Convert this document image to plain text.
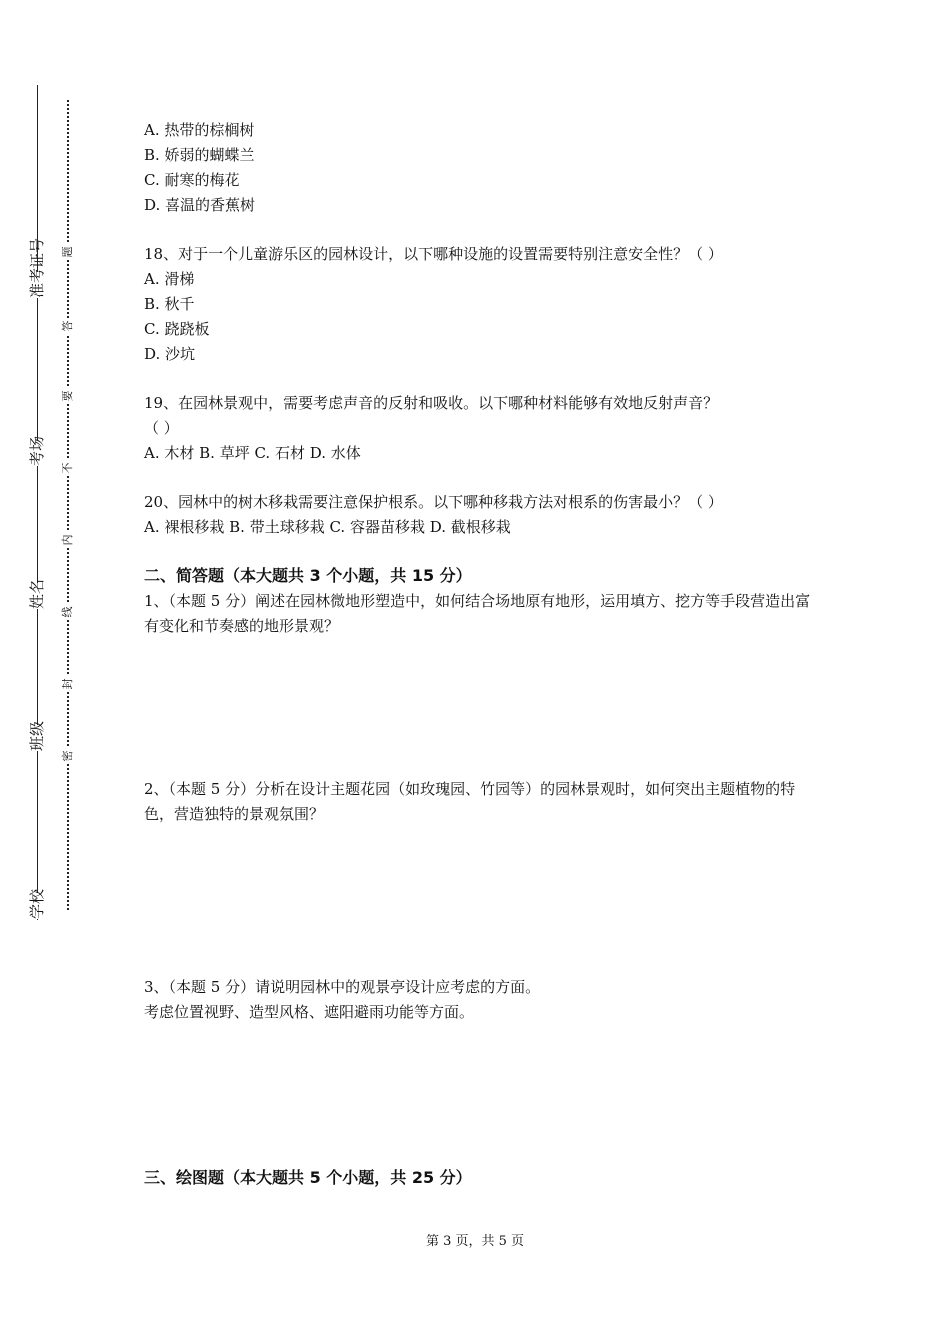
准考证号
考场
姓名
班级
学校
题
答
要
不
内
线
封
密
A. 热带的棕榈树
B. 娇弱的蝴蝶兰
C. 耐寒的梅花
D. 喜温的香蕉树
18、对于一个儿童游乐区的园林设计，以下哪种设施的设置需要特别注意安全性？（ ）
A. 滑梯
B. 秋千
C. 跷跷板
D. 沙坑
19、在园林景观中，需要考虑声音的反射和吸收。以下哪种材料能够有效地反射声音？
（ ）
A. 木材 B. 草坪 C. 石材 D. 水体
20、园林中的树木移栽需要注意保护根系。以下哪种移栽方法对根系的伤害最小？（ ）
A. 裸根移栽 B. 带土球移栽 C. 容器苗移栽 D. 截根移栽
二、简答题（本大题共 3 个小题，共 15 分）
1、（本题 5 分）阐述在园林微地形塑造中，如何结合场地原有地形，运用填方、挖方等手段营造出富有变化和节奏感的地形景观？
2、（本题 5 分）分析在设计主题花园（如玫瑰园、竹园等）的园林景观时，如何突出主题植物的特色，营造独特的景观氛围？
3、（本题 5 分）请说明园林中的观景亭设计应考虑的方面。
考虑位置视野、造型风格、遮阳避雨功能等方面。
三、绘图题（本大题共 5 个小题，共 25 分）
第 3 页，共 5 页
